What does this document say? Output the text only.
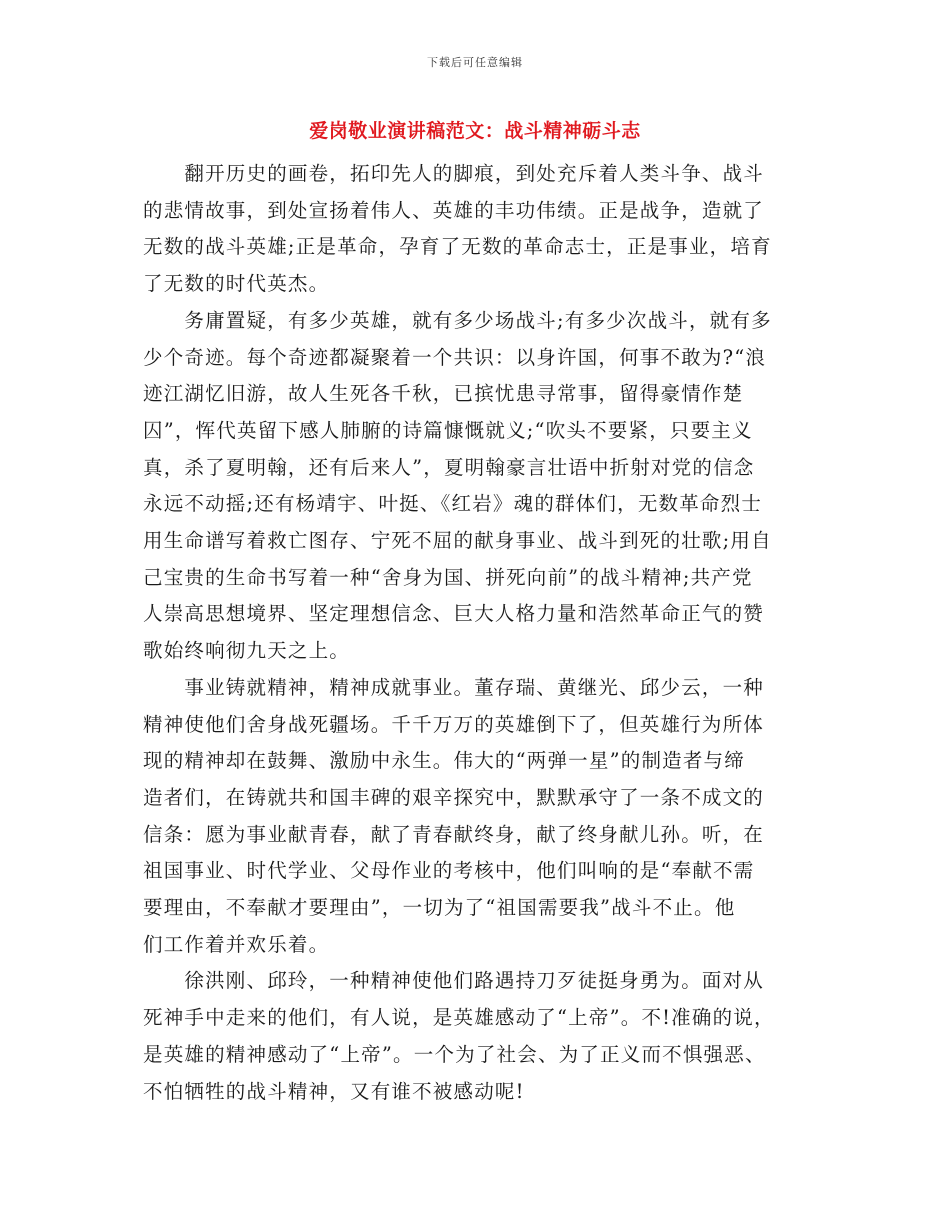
下载后可任意编辑
爱岗敬业演讲稿范文：战斗精神砺斗志

　　翻开历史的画卷，拓印先人的脚痕，到处充斥着人类斗争、战斗
的悲情故事，到处宣扬着伟人、英雄的丰功伟绩。正是战争，造就了
无数的战斗英雄;正是革命，孕育了无数的革命志士，正是事业，培育
了无数的时代英杰。

　　务庸置疑，有多少英雄，就有多少场战斗;有多少次战斗，就有多
少个奇迹。每个奇迹都凝聚着一个共识：以身许国，何事不敢为?“浪
迹江湖忆旧游，故人生死各千秋，已摈忧患寻常事，留得豪情作楚
囚”，恽代英留下感人肺腑的诗篇慷慨就义;“吹头不要紧，只要主义
真，杀了夏明翰，还有后来人”，夏明翰豪言壮语中折射对党的信念
永远不动摇;还有杨靖宇、叶挺、《红岩》魂的群体们，无数革命烈士
用生命谱写着救亡图存、宁死不屈的献身事业、战斗到死的壮歌;用自
己宝贵的生命书写着一种“舍身为国、拼死向前”的战斗精神;共产党
人崇高思想境界、坚定理想信念、巨大人格力量和浩然革命正气的赞
歌始终响彻九天之上。

　　事业铸就精神，精神成就事业。董存瑞、黄继光、邱少云，一种
精神使他们舍身战死疆场。千千万万的英雄倒下了，但英雄行为所体
现的精神却在鼓舞、激励中永生。伟大的“两弹一星”的制造者与缔
造者们，在铸就共和国丰碑的艰辛探究中，默默承守了一条不成文的
信条：愿为事业献青春，献了青春献终身，献了终身献儿孙。听，在
祖国事业、时代学业、父母作业的考核中，他们叫响的是“奉献不需
要理由，不奉献才要理由”，一切为了“祖国需要我”战斗不止。他
们工作着并欢乐着。

　　徐洪刚、邱玲，一种精神使他们路遇持刀歹徒挺身勇为。面对从
死神手中走来的他们，有人说，是英雄感动了“上帝”。不!准确的说，
是英雄的精神感动了“上帝”。一个为了社会、为了正义而不惧强恶、
不怕牺牲的战斗精神，又有谁不被感动呢!
